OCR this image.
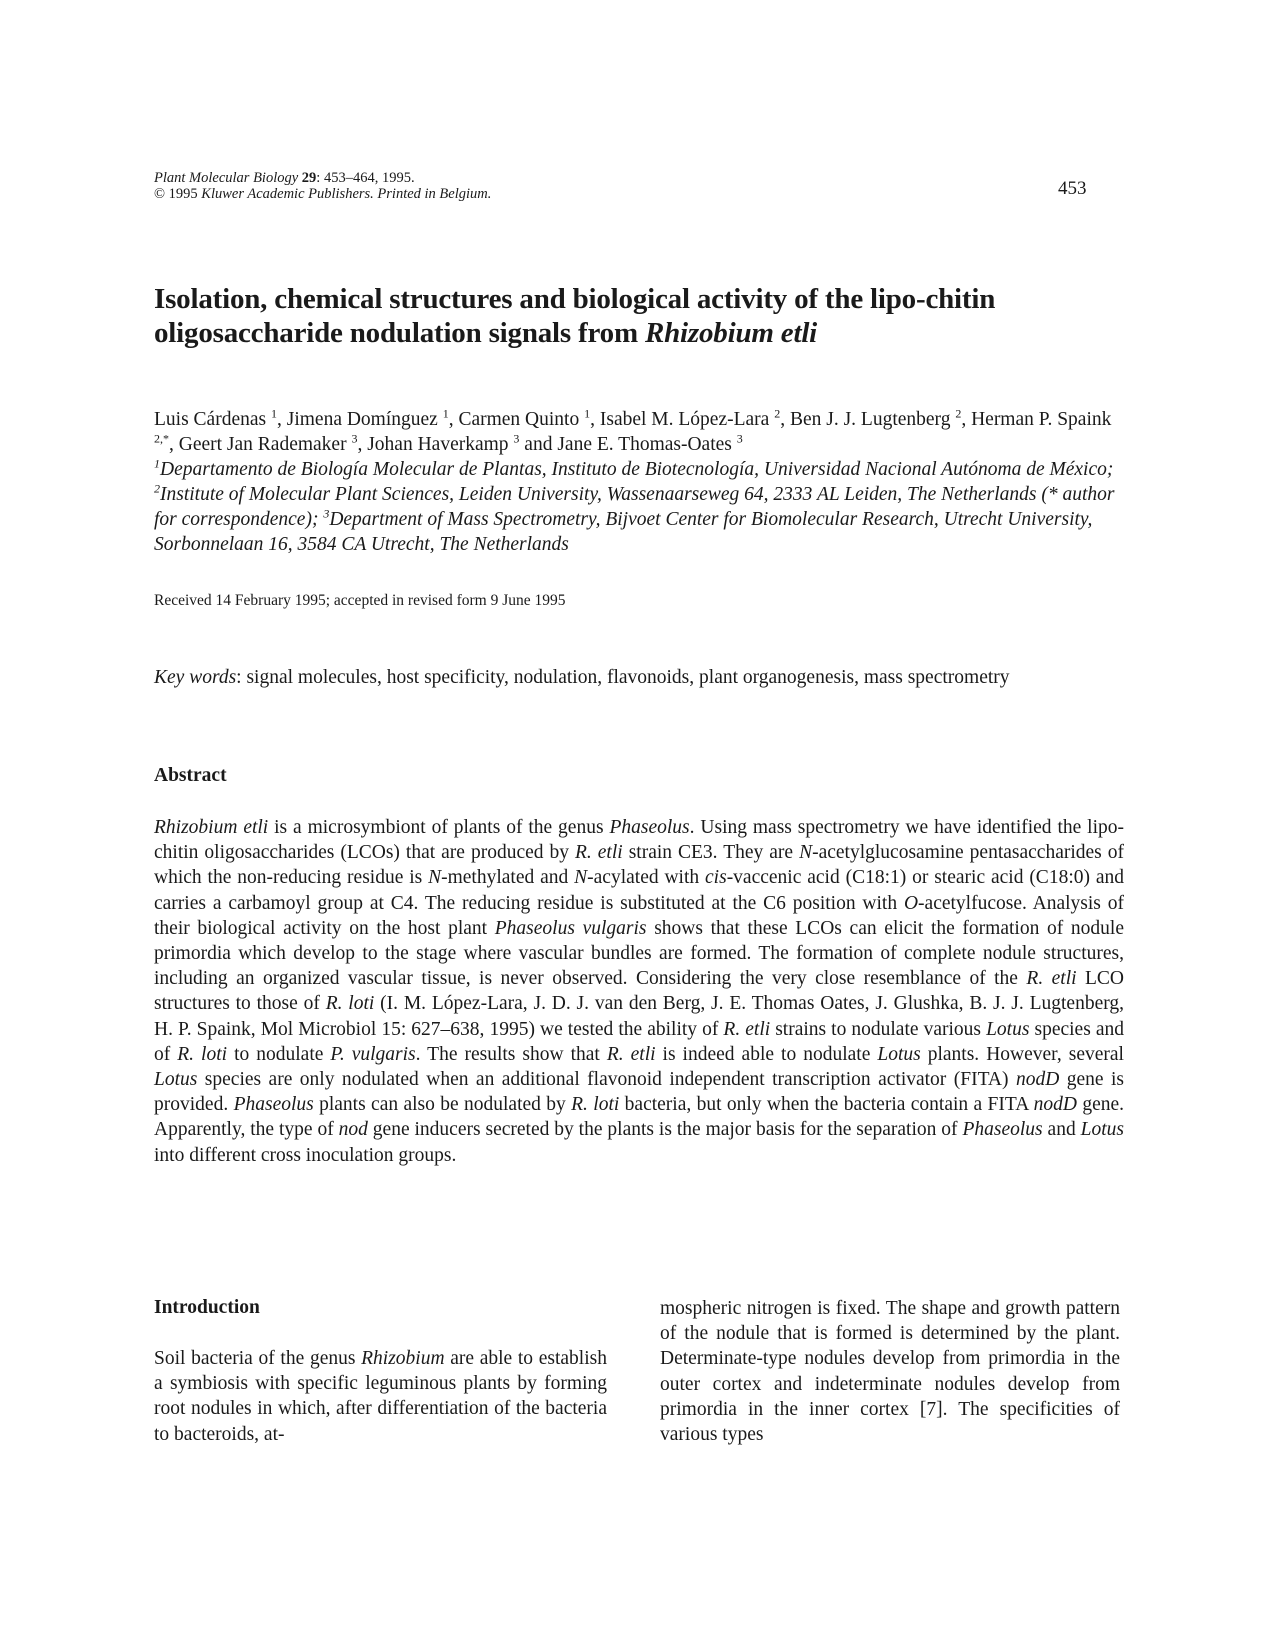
Plant Molecular Biology 29: 453–464, 1995.
© 1995 Kluwer Academic Publishers. Printed in Belgium.	453
Isolation, chemical structures and biological activity of the lipo-chitin oligosaccharide nodulation signals from Rhizobium etli
Luis Cárdenas $^1$, Jimena Domínguez $^1$, Carmen Quinto $^1$, Isabel M. López-Lara $^2$, Ben J. J. Lugtenberg $^2$, Herman P. Spaink $^{2,*}$, Geert Jan Rademaker $^3$, Johan Haverkamp $^3$ and Jane E. Thomas-Oates $^3$
$^1$Departamento de Biología Molecular de Plantas, Instituto de Biotecnología, Universidad Nacional Autónoma de México; $^2$Institute of Molecular Plant Sciences, Leiden University, Wassenaarseweg 64, 2333 AL Leiden, The Netherlands (* author for correspondence); $^3$Department of Mass Spectrometry, Bijvoet Center for Biomolecular Research, Utrecht University, Sorbonnelaan 16, 3584 CA Utrecht, The Netherlands
Received 14 February 1995; accepted in revised form 9 June 1995
Key words: signal molecules, host specificity, nodulation, flavonoids, plant organogenesis, mass spectrometry
Abstract
Rhizobium etli is a microsymbiont of plants of the genus Phaseolus. Using mass spectrometry we have identified the lipo-chitin oligosaccharides (LCOs) that are produced by R. etli strain CE3. They are N-acetylglucosamine pentasaccharides of which the non-reducing residue is N-methylated and N-acylated with cis-vaccenic acid (C18:1) or stearic acid (C18:0) and carries a carbamoyl group at C4. The reducing residue is substituted at the C6 position with O-acetylfucose. Analysis of their biological activity on the host plant Phaseolus vulgaris shows that these LCOs can elicit the formation of nodule primordia which develop to the stage where vascular bundles are formed. The formation of complete nodule structures, including an organized vascular tissue, is never observed. Considering the very close resemblance of the R. etli LCO structures to those of R. loti (I. M. López-Lara, J. D. J. van den Berg, J. E. Thomas Oates, J. Glushka, B. J. J. Lugtenberg, H. P. Spaink, Mol Microbiol 15: 627–638, 1995) we tested the ability of R. etli strains to nodulate various Lotus species and of R. loti to nodulate P. vulgaris. The results show that R. etli is indeed able to nodulate Lotus plants. However, several Lotus species are only nodulated when an additional flavonoid independent transcription activator (FITA) nodD gene is provided. Phaseolus plants can also be nodulated by R. loti bacteria, but only when the bacteria contain a FITA nodD gene. Apparently, the type of nod gene inducers secreted by the plants is the major basis for the separation of Phaseolus and Lotus into different cross inoculation groups.
Introduction
Soil bacteria of the genus Rhizobium are able to establish a symbiosis with specific leguminous plants by forming root nodules in which, after differentiation of the bacteria to bacteroids, at-
mospheric nitrogen is fixed. The shape and growth pattern of the nodule that is formed is determined by the plant. Determinate-type nodules develop from primordia in the outer cortex and indeterminate nodules develop from primordia in the inner cortex [7]. The specificities of various types
